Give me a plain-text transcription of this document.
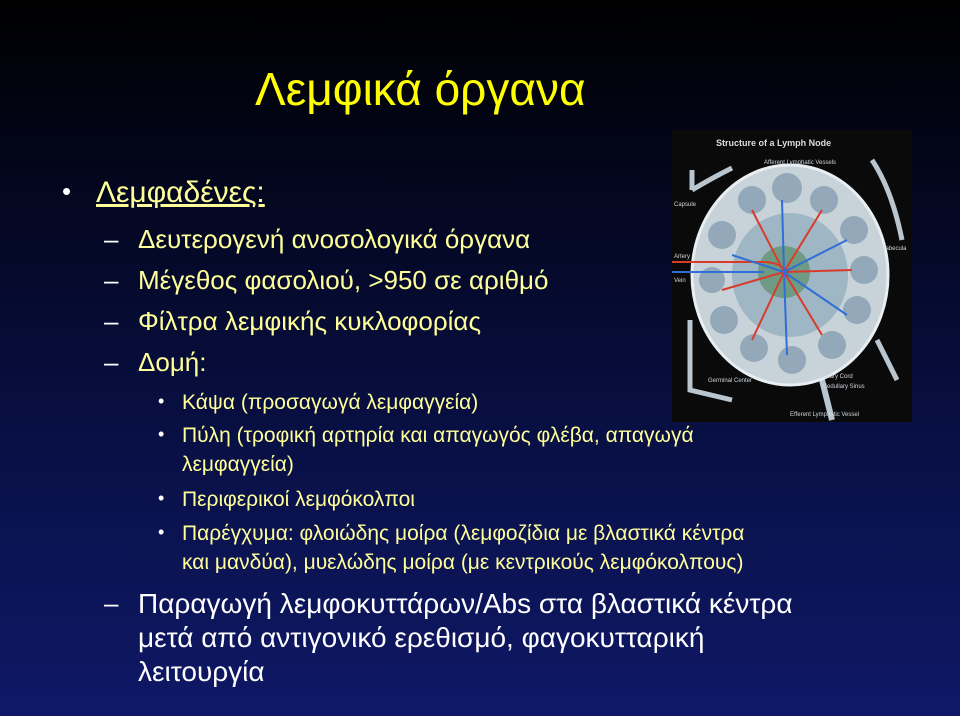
Λεμφικά όργανα
• Λεμφαδένες:
– Δευτερογενή ανοσολογικά όργανα
– Μέγεθος φασολιού, >950 σε αριθμό
– Φίλτρα λεμφικής κυκλοφορίας
– Δομή:
• Κάψα (προσαγωγά λεμφαγγεία)
• Πύλη (τροφική αρτηρία και απαγωγός φλέβα, απαγωγά
λεμφαγγεία)
• Περιφερικοί λεμφόκολποι
• Παρέγχυμα: φλοιώδης μοίρα (λεμφοζίδια με βλαστικά κέντρα
και μανδύα), μυελώδης μοίρα (με κεντρικούς λεμφόκολπους)
– Παραγωγή λεμφοκυττάρων/Abs στα βλαστικά κέντρα
μετά από αντιγονικό ερεθισμό, φαγοκυτταρική
λειτουργία
Structure of a Lymph Node
Afferent Lymphatic Vessels
Capsule
Trabecula
Artery
Vein
Germinal Center
Medullary Cord
Medullary Sinus
Efferent Lymphatic Vessel
